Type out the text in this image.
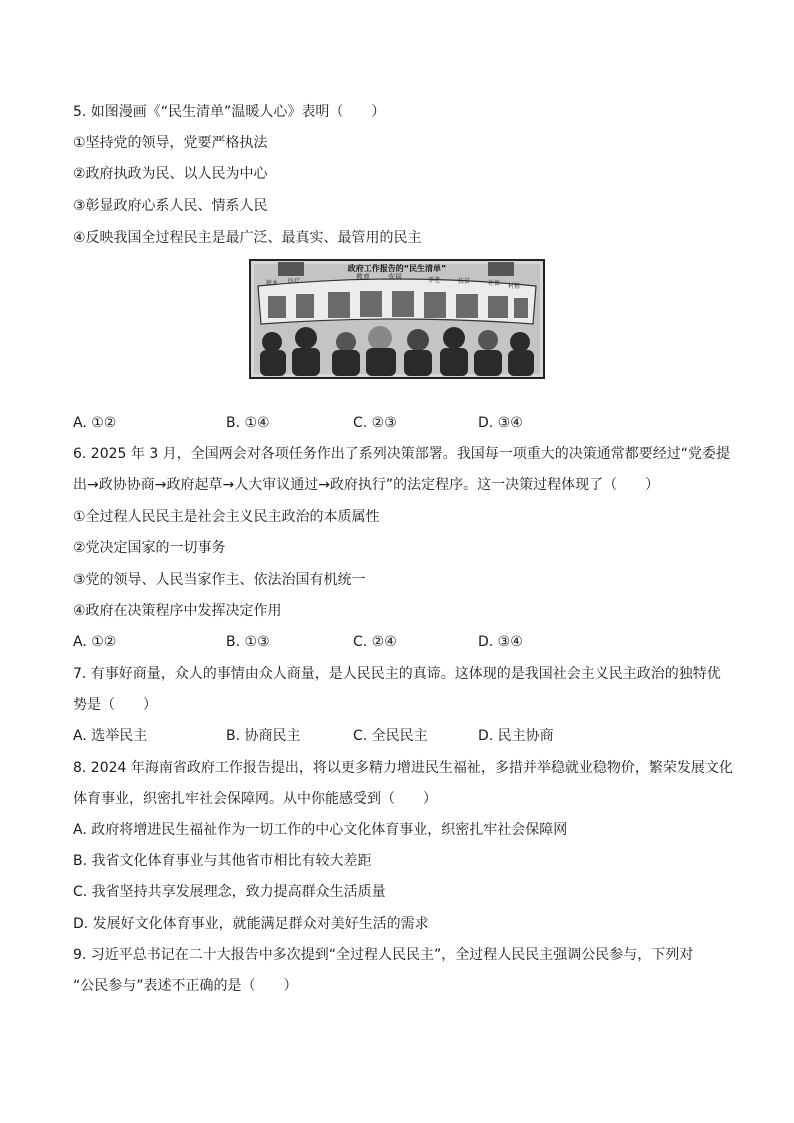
5. 如图漫画《“民生清单”温暖人心》表明（　　）
①坚持党的领导，党要严格执法
②政府执政为民、以人民为中心
③彰显政府心系人民、情系人民
④反映我国全过程民主是最广泛、最真实、最管用的民主
政府工作报告的“民生清单”
就业 医疗
教育	安居	养老	扶贫	社保 村租
A. ①②	B. ①④	C. ②③	D. ③④
6. 2025 年 3 月，全国两会对各项任务作出了系列决策部署。我国每一项重大的决策通常都要经过“党委提
出→政协协商→政府起草→人大审议通过→政府执行”的法定程序。这一决策过程体现了（　　）
①全过程人民民主是社会主义民主政治的本质属性
②党决定国家的一切事务
③党的领导、人民当家作主、依法治国有机统一
④政府在决策程序中发挥决定作用
A. ①②	B. ①③	C. ②④	D. ③④
7. 有事好商量，众人的事情由众人商量，是人民民主的真谛。这体现的是我国社会主义民主政治的独特优
势是（　　）
A. 选举民主	B. 协商民主	C. 全民民主	D. 民主协商
8. 2024 年海南省政府工作报告提出，将以更多精力增进民生福祉，多措并举稳就业稳物价，繁荣发展文化
体育事业，织密扎牢社会保障网。从中你能感受到（　　）
A. 政府将增进民生福祉作为一切工作的中心文化体育事业，织密扎牢社会保障网
B. 我省文化体育事业与其他省市相比有较大差距
C. 我省坚持共享发展理念，致力提高群众生活质量
D. 发展好文化体育事业，就能满足群众对美好生活的需求
9. 习近平总书记在二十大报告中多次提到“全过程人民民主”，全过程人民民主强调公民参与，下列对
“公民参与”表述不正确的是（　　）
